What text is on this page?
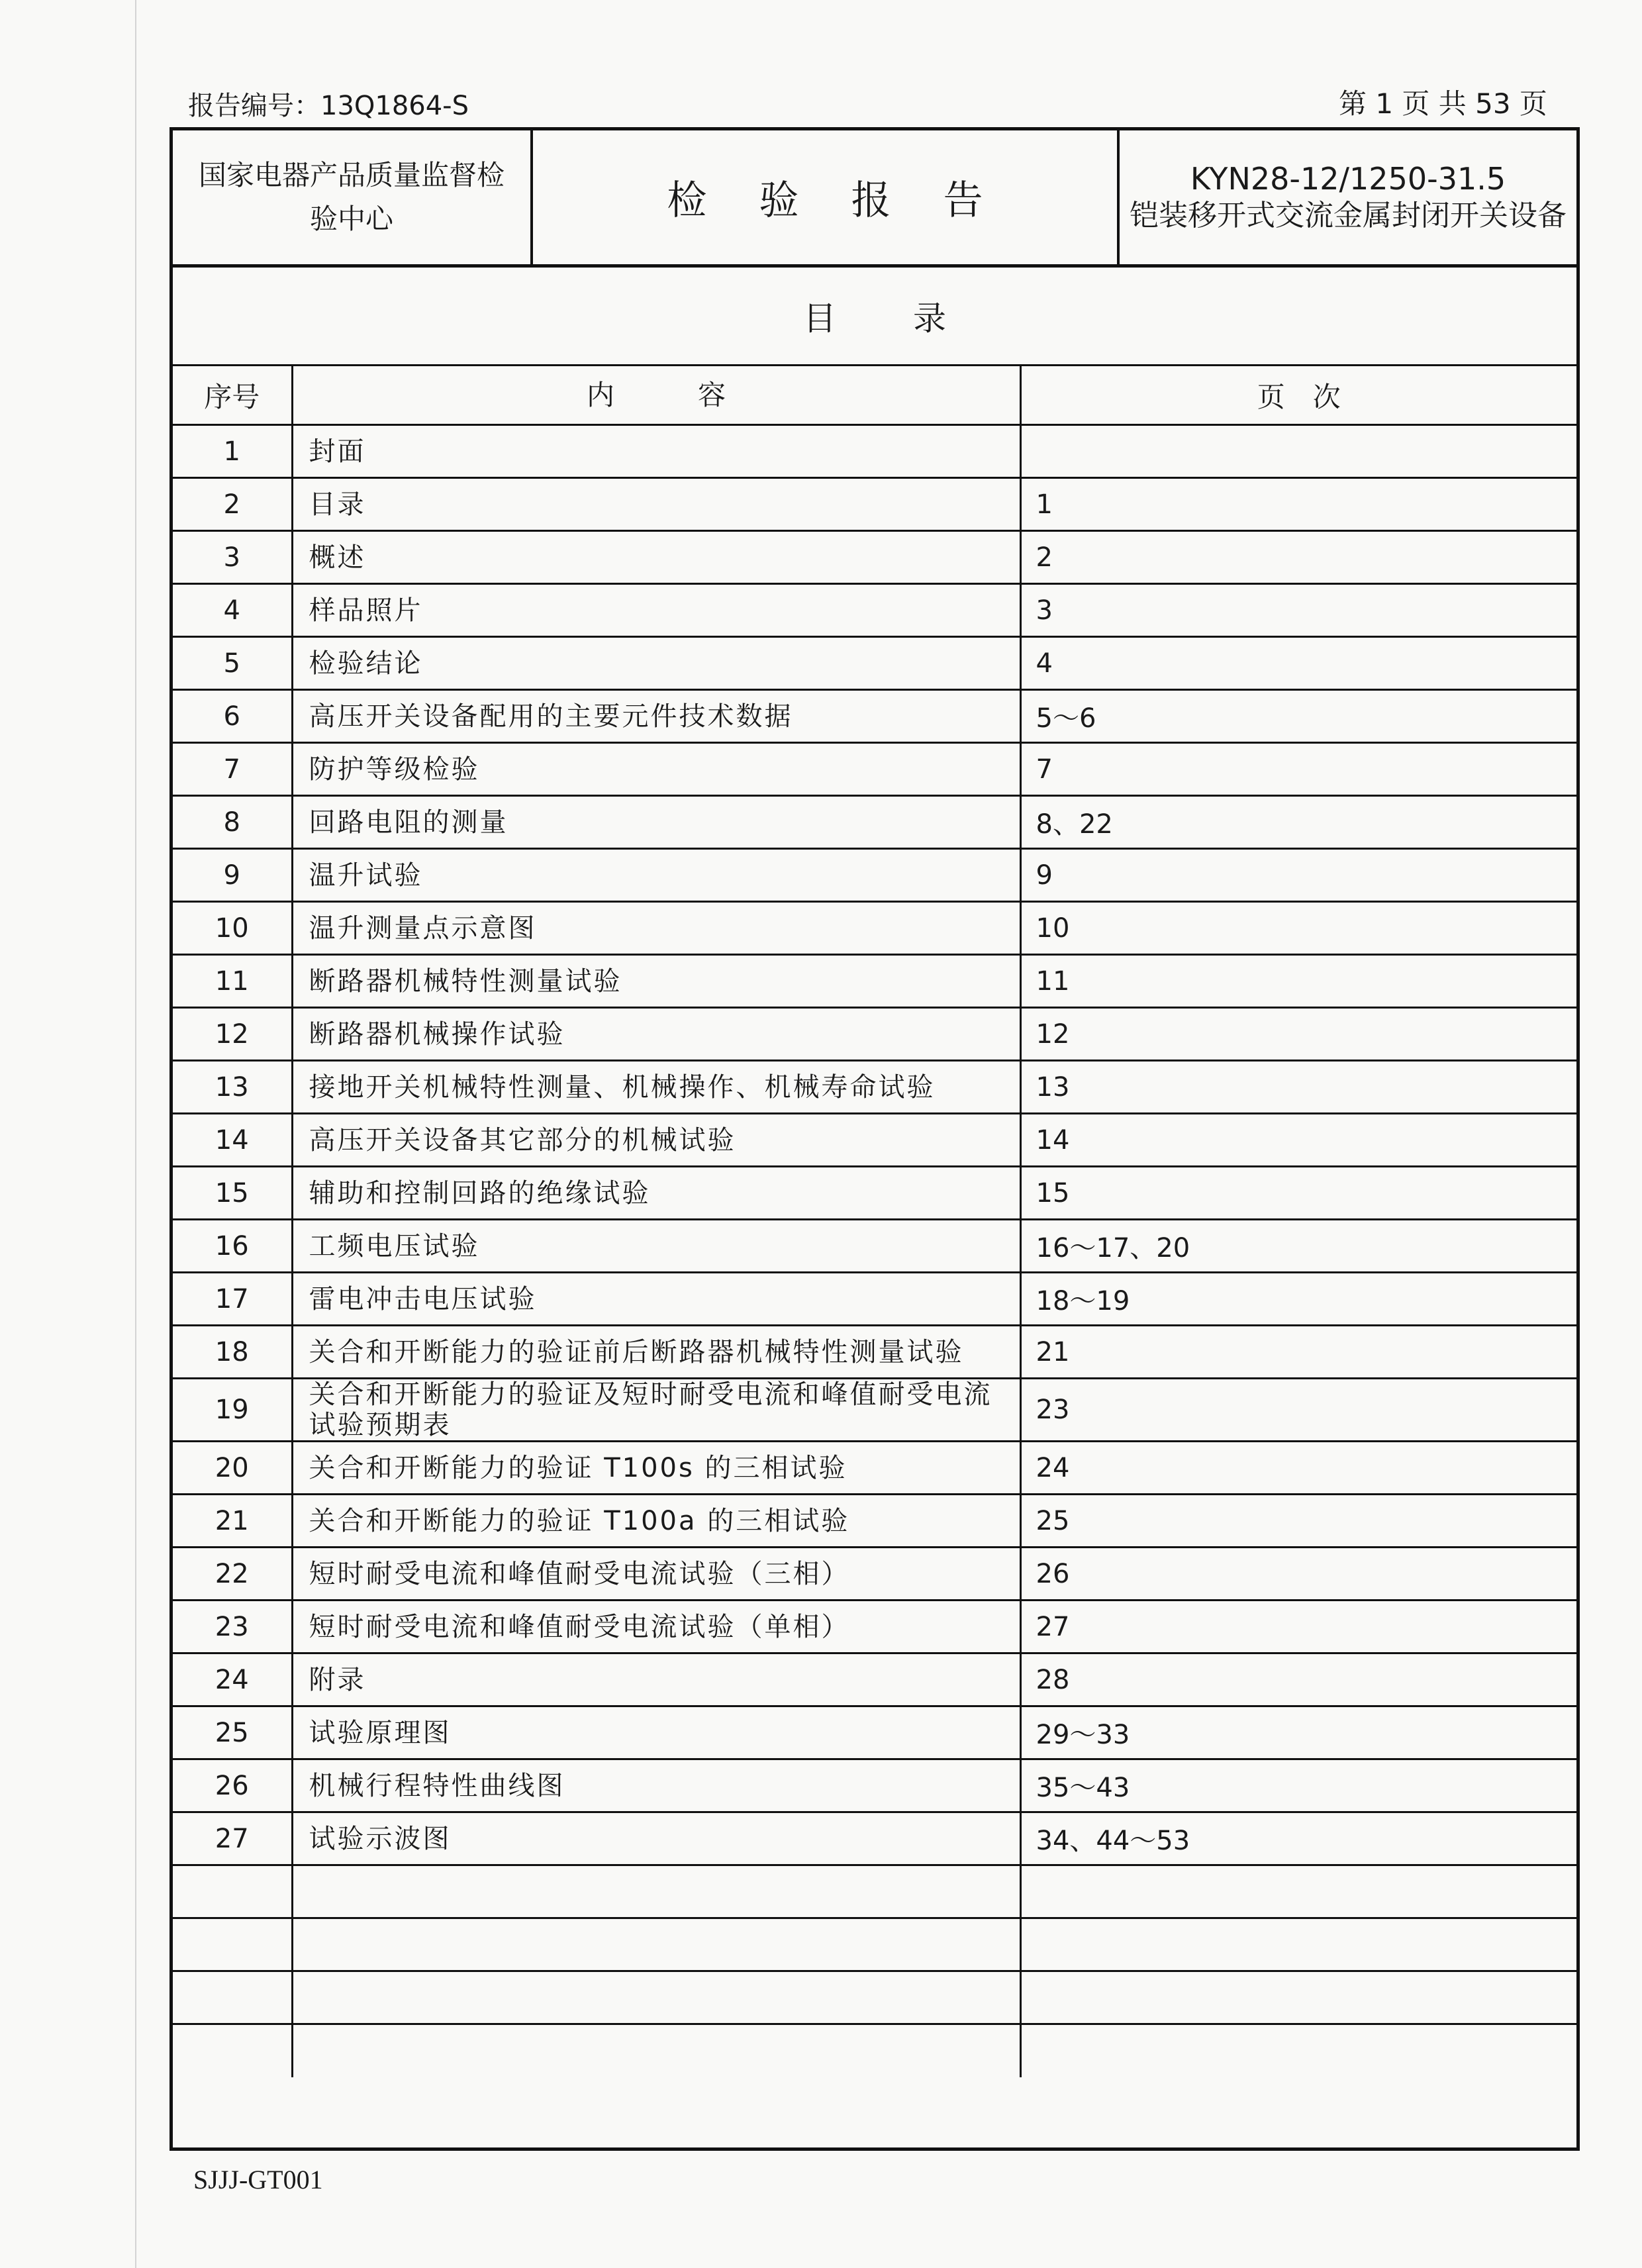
报告编号：13Q1864-S	第 1 页 共 53 页
国家电器产品质量监督检验中心	检 验 报 告	KYN28-12/1250-31.5
铠装移开式交流金属封闭开关设备
目 录
序号	内　　　容	页　次
1	封面	
2	目录	1
3	概述	2
4	样品照片	3
5	检验结论	4
6	高压开关设备配用的主要元件技术数据	5～6
7	防护等级检验	7
8	回路电阻的测量	8、22
9	温升试验	9
10	温升测量点示意图	10
11	断路器机械特性测量试验	11
12	断路器机械操作试验	12
13	接地开关机械特性测量、机械操作、机械寿命试验	13
14	高压开关设备其它部分的机械试验	14
15	辅助和控制回路的绝缘试验	15
16	工频电压试验	16～17、20
17	雷电冲击电压试验	18～19
18	关合和开断能力的验证前后断路器机械特性测量试验	21
19	关合和开断能力的验证及短时耐受电流和峰值耐受电流试验预期表	23
20	关合和开断能力的验证 T100s 的三相试验	24
21	关合和开断能力的验证 T100a 的三相试验	25
22	短时耐受电流和峰值耐受电流试验（三相）	26
23	短时耐受电流和峰值耐受电流试验（单相）	27
24	附录	28
25	试验原理图	29～33
26	机械行程特性曲线图	35～43
27	试验示波图	34、44～53

SJJJ-GT001
